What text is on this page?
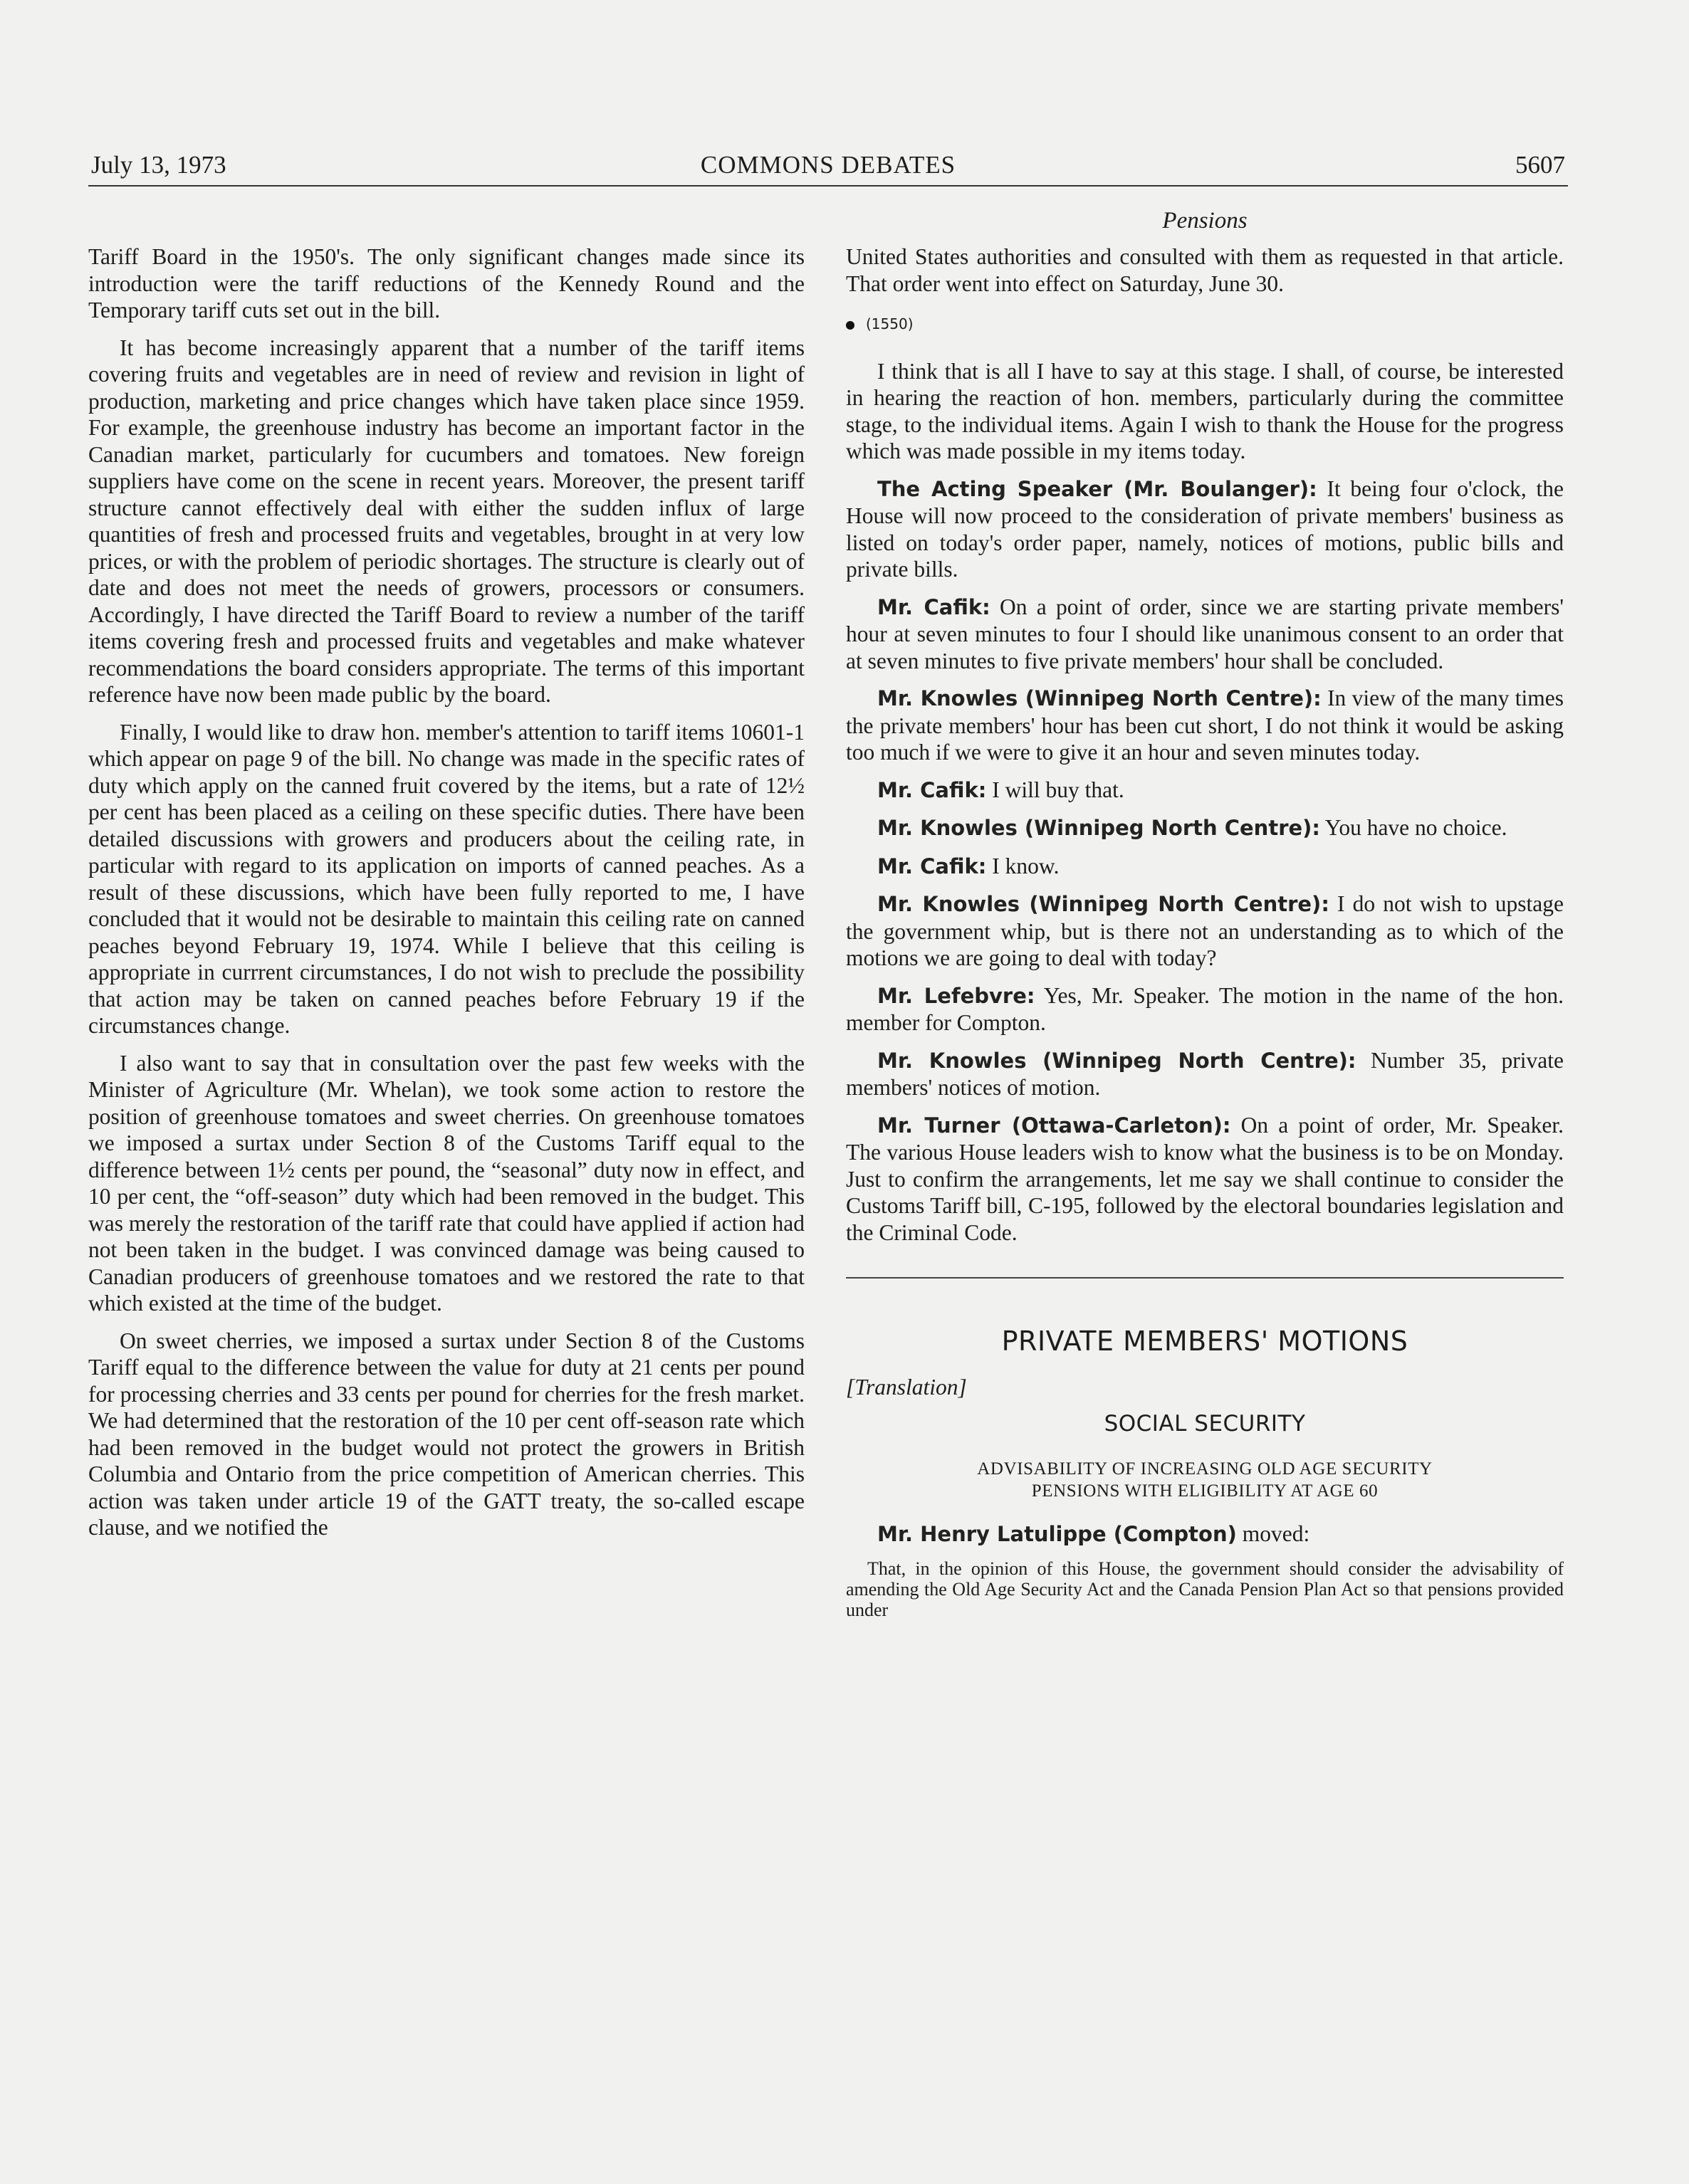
July 13, 1973	COMMONS DEBATES	5607
Pensions

Tariff Board in the 1950's. The only significant changes made since its introduction were the tariff reductions of the Kennedy Round and the Temporary tariff cuts set out in the bill.

It has become increasingly apparent that a number of the tariff items covering fruits and vegetables are in need of review and revision in light of production, marketing and price changes which have taken place since 1959. For example, the greenhouse industry has become an important factor in the Canadian market, particularly for cucumbers and tomatoes. New foreign suppliers have come on the scene in recent years. Moreover, the present tariff structure cannot effectively deal with either the sudden influx of large quantities of fresh and processed fruits and vegetables, brought in at very low prices, or with the problem of periodic shortages. The structure is clearly out of date and does not meet the needs of growers, processors or consumers. Accordingly, I have directed the Tariff Board to review a number of the tariff items covering fresh and processed fruits and vegetables and make whatever recommendations the board considers appropriate. The terms of this important reference have now been made public by the board.

Finally, I would like to draw hon. member's attention to tariff items 10601-1 which appear on page 9 of the bill. No change was made in the specific rates of duty which apply on the canned fruit covered by the items, but a rate of 12½ per cent has been placed as a ceiling on these specific duties. There have been detailed discussions with growers and producers about the ceiling rate, in particular with regard to its application on imports of canned peaches. As a result of these discussions, which have been fully reported to me, I have concluded that it would not be desirable to maintain this ceiling rate on canned peaches beyond February 19, 1974. While I believe that this ceiling is appropriate in currrent circumstances, I do not wish to preclude the possibility that action may be taken on canned peaches before February 19 if the circumstances change.

I also want to say that in consultation over the past few weeks with the Minister of Agriculture (Mr. Whelan), we took some action to restore the position of greenhouse tomatoes and sweet cherries. On greenhouse tomatoes we imposed a surtax under Section 8 of the Customs Tariff equal to the difference between 1½ cents per pound, the “seasonal” duty now in effect, and 10 per cent, the “off-season” duty which had been removed in the budget. This was merely the restoration of the tariff rate that could have applied if action had not been taken in the budget. I was convinced damage was being caused to Canadian producers of greenhouse tomatoes and we restored the rate to that which existed at the time of the budget.

On sweet cherries, we imposed a surtax under Section 8 of the Customs Tariff equal to the difference between the value for duty at 21 cents per pound for processing cherries and 33 cents per pound for cherries for the fresh market. We had determined that the restoration of the 10 per cent off-season rate which had been removed in the budget would not protect the growers in British Columbia and Ontario from the price competition of American cherries. This action was taken under article 19 of the GATT treaty, the so-called escape clause, and we notified the

United States authorities and consulted with them as requested in that article. That order went into effect on Saturday, June 30.

(1550)

I think that is all I have to say at this stage. I shall, of course, be interested in hearing the reaction of hon. members, particularly during the committee stage, to the individual items. Again I wish to thank the House for the progress which was made possible in my items today.

The Acting Speaker (Mr. Boulanger): It being four o'clock, the House will now proceed to the consideration of private members' business as listed on today's order paper, namely, notices of motions, public bills and private bills.

Mr. Cafik: On a point of order, since we are starting private members' hour at seven minutes to four I should like unanimous consent to an order that at seven minutes to five private members' hour shall be concluded.

Mr. Knowles (Winnipeg North Centre): In view of the many times the private members' hour has been cut short, I do not think it would be asking too much if we were to give it an hour and seven minutes today.

Mr. Cafik: I will buy that.

Mr. Knowles (Winnipeg North Centre): You have no choice.

Mr. Cafik: I know.

Mr. Knowles (Winnipeg North Centre): I do not wish to upstage the government whip, but is there not an understanding as to which of the motions we are going to deal with today?

Mr. Lefebvre: Yes, Mr. Speaker. The motion in the name of the hon. member for Compton.

Mr. Knowles (Winnipeg North Centre): Number 35, private members' notices of motion.

Mr. Turner (Ottawa-Carleton): On a point of order, Mr. Speaker. The various House leaders wish to know what the business is to be on Monday. Just to confirm the arrangements, let me say we shall continue to consider the Customs Tariff bill, C-195, followed by the electoral boundaries legislation and the Criminal Code.

PRIVATE MEMBERS' MOTIONS

[Translation]

SOCIAL SECURITY
ADVISABILITY OF INCREASING OLD AGE SECURITY
PENSIONS WITH ELIGIBILITY AT AGE 60

Mr. Henry Latulippe (Compton) moved:

That, in the opinion of this House, the government should consider the advisability of amending the Old Age Security Act and the Canada Pension Plan Act so that pensions provided under
